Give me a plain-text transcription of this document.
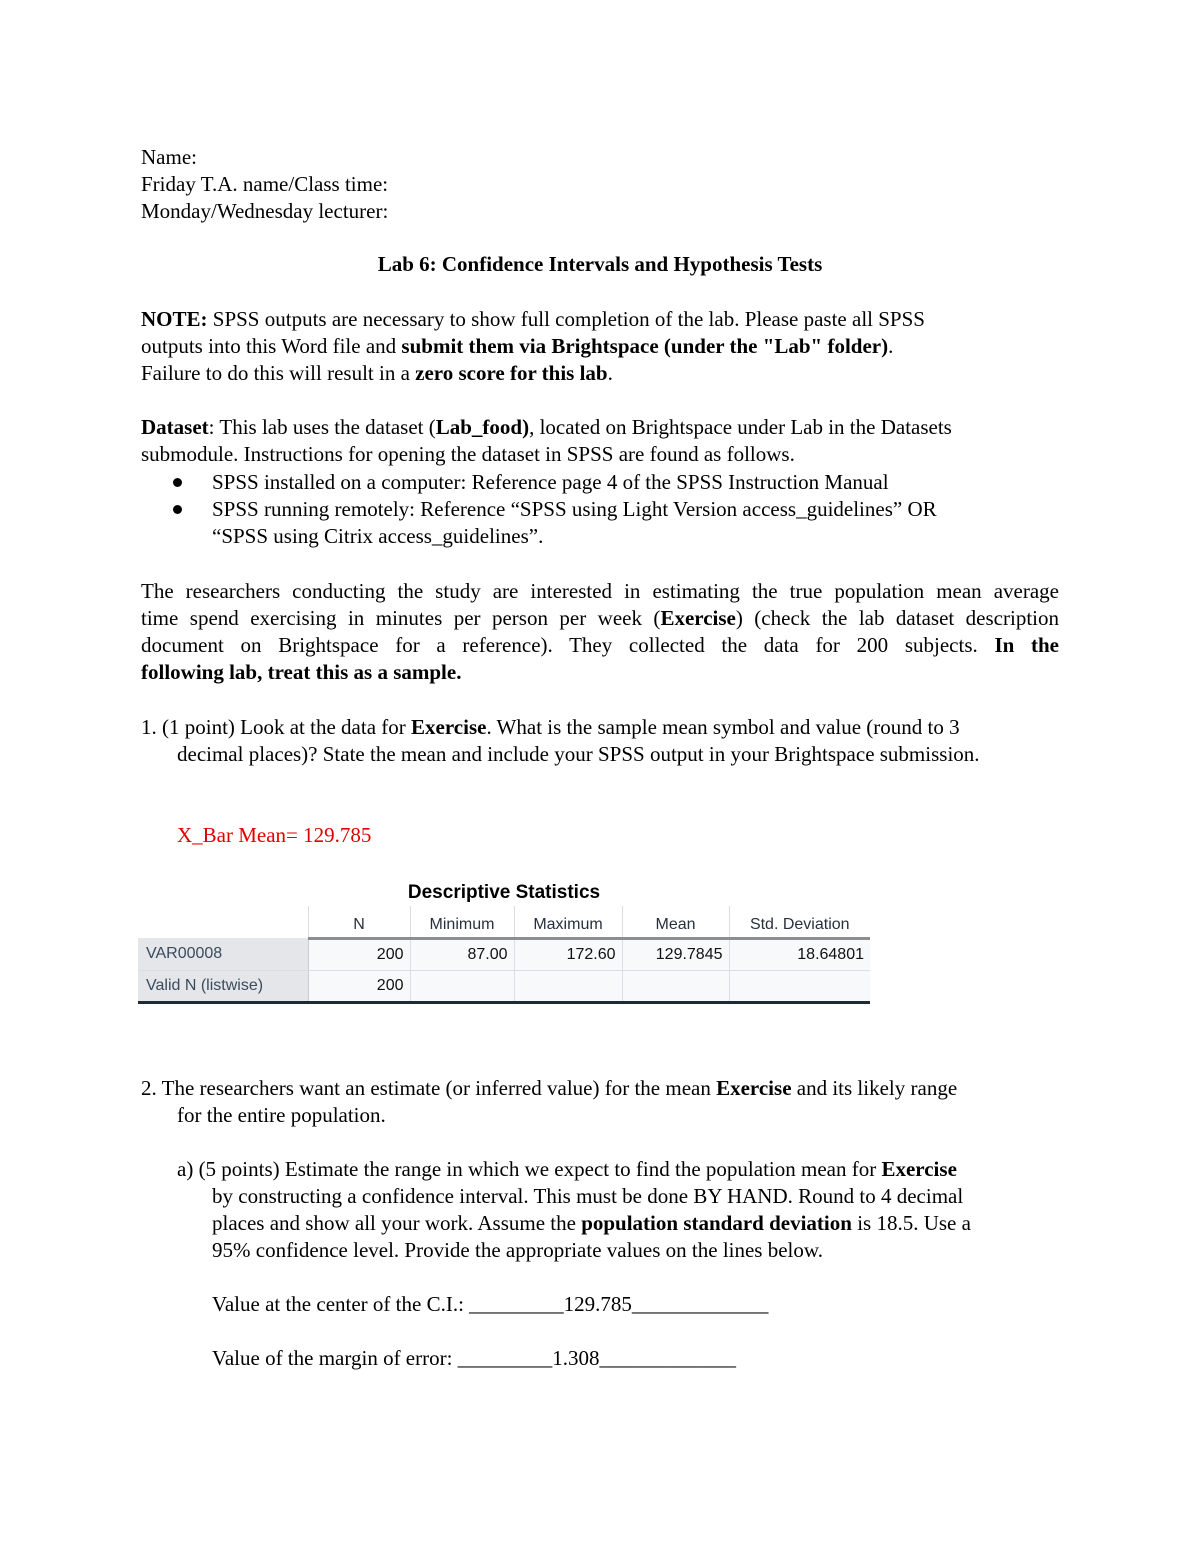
Name:
Friday T.A. name/Class time:
Monday/Wednesday lecturer:
Lab 6: Confidence Intervals and Hypothesis Tests
NOTE: SPSS outputs are necessary to show full completion of the lab. Please paste all SPSS
outputs into this Word file and submit them via Brightspace (under the "Lab" folder).
Failure to do this will result in a zero score for this lab.
Dataset: This lab uses the dataset (Lab_food), located on Brightspace under Lab in the Datasets
submodule. Instructions for opening the dataset in SPSS are found as follows.
SPSS installed on a computer: Reference page 4 of the SPSS Instruction Manual
SPSS running remotely: Reference “SPSS using Light Version access_guidelines” OR
“SPSS using Citrix access_guidelines”.
The researchers conducting the study are interested in estimating the true population mean average
time spend exercising in minutes per person per week (Exercise) (check the lab dataset description
document on Brightspace for a reference). They collected the data for 200 subjects. In the
following lab, treat this as a sample.
1. (1 point) Look at the data for Exercise. What is the sample mean symbol and value (round to 3
decimal places)? State the mean and include your SPSS output in your Brightspace submission.
X_Bar Mean= 129.785
Descriptive Statistics
	N	Minimum	Maximum	Mean	Std. Deviation
VAR00008	200	87.00	172.60	129.7845	18.64801
Valid N (listwise)	200				
2. The researchers want an estimate (or inferred value) for the mean Exercise and its likely range
for the entire population.
a) (5 points) Estimate the range in which we expect to find the population mean for Exercise
by constructing a confidence interval. This must be done BY HAND. Round to 4 decimal
places and show all your work. Assume the population standard deviation is 18.5. Use a
95% confidence level. Provide the appropriate values on the lines below.
Value at the center of the C.I.: _________129.785_____________
Value of the margin of error: _________1.308_____________
